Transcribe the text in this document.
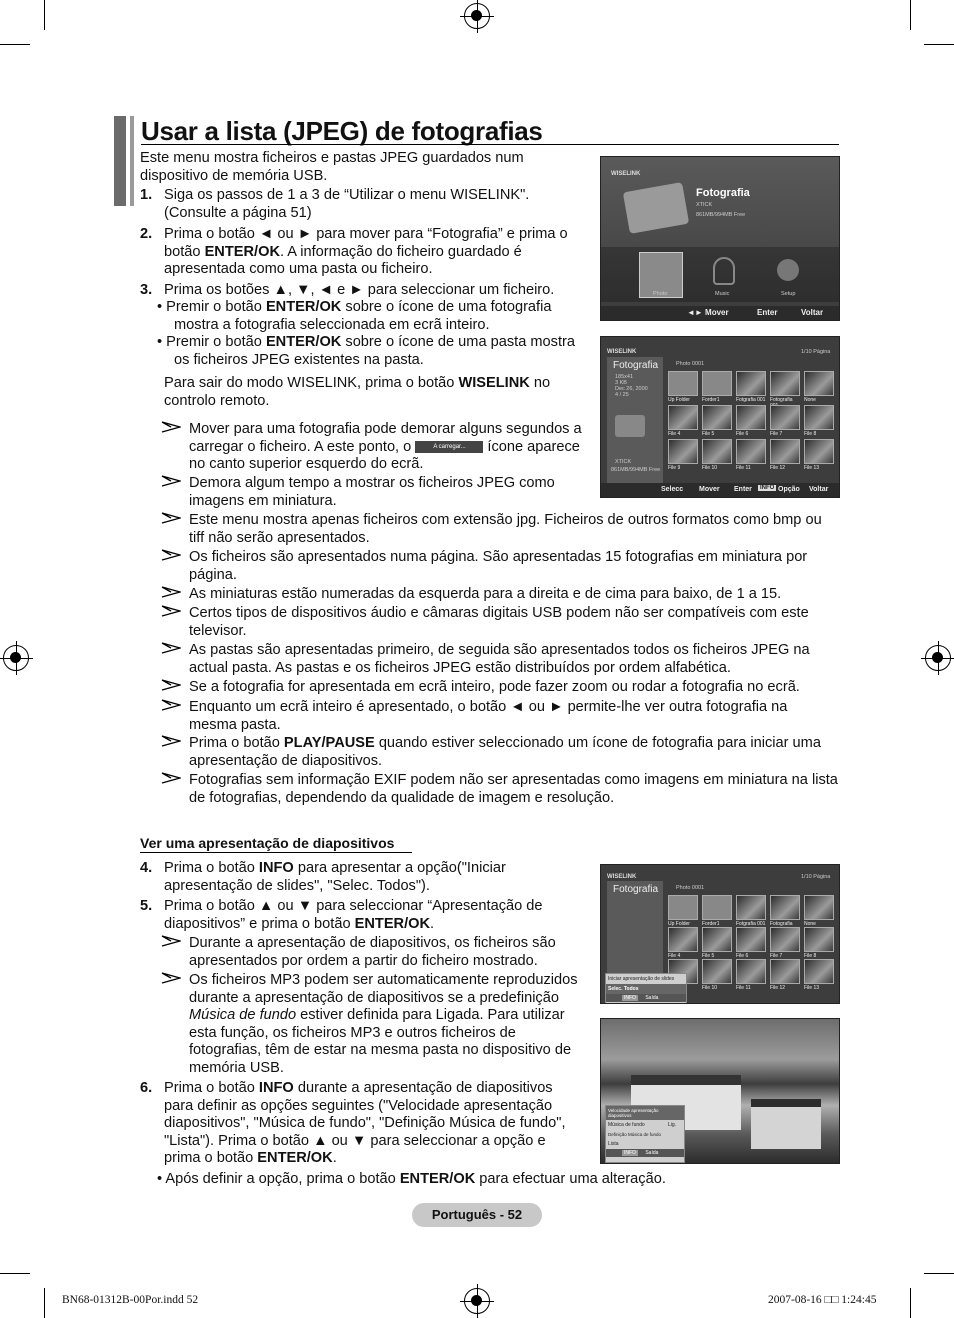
Usar a lista (JPEG) de fotografias
Este menu mostra ficheiros e pastas JPEG guardados num dispositivo de memória USB.
1. Siga os passos de 1 a 3 de “Utilizar o menu WISELINK". (Consulte a página 51)
2. Prima o botão ◄ ou ► para mover para “Fotografia” e prima o botão ENTER/OK. A informação do ficheiro guardado é apresentada como uma pasta ou ficheiro.
3. Prima os botões ▲, ▼, ◄ e ► para seleccionar um ficheiro.
• Premir o botão ENTER/OK sobre o ícone de uma fotografia mostra a fotografia seleccionada em ecrã inteiro.
• Premir o botão ENTER/OK sobre o ícone de uma pasta mostra os ficheiros JPEG existentes na pasta.
Para sair do modo WISELINK, prima o botão WISELINK no controlo remoto.
Mover para uma fotografia pode demorar alguns segundos a carregar o ficheiro. A este ponto, o	A carregar... ícone aparece no canto superior esquerdo do ecrã.
Demora algum tempo a mostrar os ficheiros JPEG como imagens em miniatura.
Este menu mostra apenas ficheiros com extensão jpg. Ficheiros de outros formatos como bmp ou tiff não serão apresentados.
Os ficheiros são apresentados numa página. São apresentadas 15 fotografias em miniatura por página.
As miniaturas estão numeradas da esquerda para a direita e de cima para baixo, de 1 a 15.
Certos tipos de dispositivos áudio e câmaras digitais USB podem não ser compatíveis com este televisor.
As pastas são apresentadas primeiro, de seguida são apresentados todos os ficheiros JPEG na actual pasta. As pastas e os ficheiros JPEG estão distribuídos por ordem alfabética.
Se a fotografia for apresentada em ecrã inteiro, pode fazer zoom ou rodar a fotografia no ecrã.
Enquanto um ecrã inteiro é apresentado, o botão ◄ ou ► permite-lhe ver outra fotografia na mesma pasta.
Prima o botão PLAY/PAUSE quando estiver seleccionado um ícone de fotografia para iniciar uma apresentação de diapositivos.
Fotografias sem informação EXIF podem não ser apresentadas como imagens em miniatura na lista de fotografias, dependendo da qualidade de imagem e resolução.
Ver uma apresentação de diapositivos
4. Prima o botão INFO para apresentar a opção("Iniciar apresentação de slides", "Selec. Todos").
5. Prima o botão ▲ ou ▼ para seleccionar “Apresentação de diapositivos” e prima o botão ENTER/OK.
Durante a apresentação de diapositivos, os ficheiros são apresentados por ordem a partir do ficheiro mostrado.
Os ficheiros MP3 podem ser automaticamente reproduzidos durante a apresentação de diapositivos se a predefinição Música de fundo estiver definida para Ligada. Para utilizar esta função, os ficheiros MP3 e outros ficheiros de fotografias, têm de estar na mesma pasta no dispositivo de memória USB.
6. Prima o botão INFO durante a apresentação de diapositivos para definir as opções seguintes ("Velocidade apresentação diapositivos", "Música de fundo", "Definição Música de fundo", "Lista"). Prima o botão ▲ ou ▼ para seleccionar a opção e prima o botão ENTER/OK.
• Após definir a opção, prima o botão ENTER/OK para efectuar uma alteração.
WISELINK
Fotografia
XTICK
861MB/994MB Free
Photo	Music	Setup
◄► Mover	Enter	Voltar
WISELINK	1/10 Página
Fotografia
185x41
3 KB
Dec 26, 2000
4 / 25
XTICK
861MB/994MB Free
Photo 0001
Up Folder	Forder1	Fotgrafia 001 Fotografia	None
File 4	File 5	File 6	File 7	File 8
File 9	File 10	File 11	File 12	File 13
Selecc Mover Enter	INFO Opção Voltar
WISELINK	1/10 Página
Fotografia	Photo 0001
Up Folder	Forder1	Fotgrafia 001 Fotografia	None
File 4	File 5	File 6	File 7	File 8
File 10	File 11	File 12	File 13
Iniciar apresentação de slides
Selec. Todos
INFO Saída
Velocidade apresentação diapositivos
Música de fundo	Lig.
Definição Música de fundo
Lista
INFO Saída
Português - 52
BN68-01312B-00Por.indd 52	2007-08-16 □□ 1:24:45
